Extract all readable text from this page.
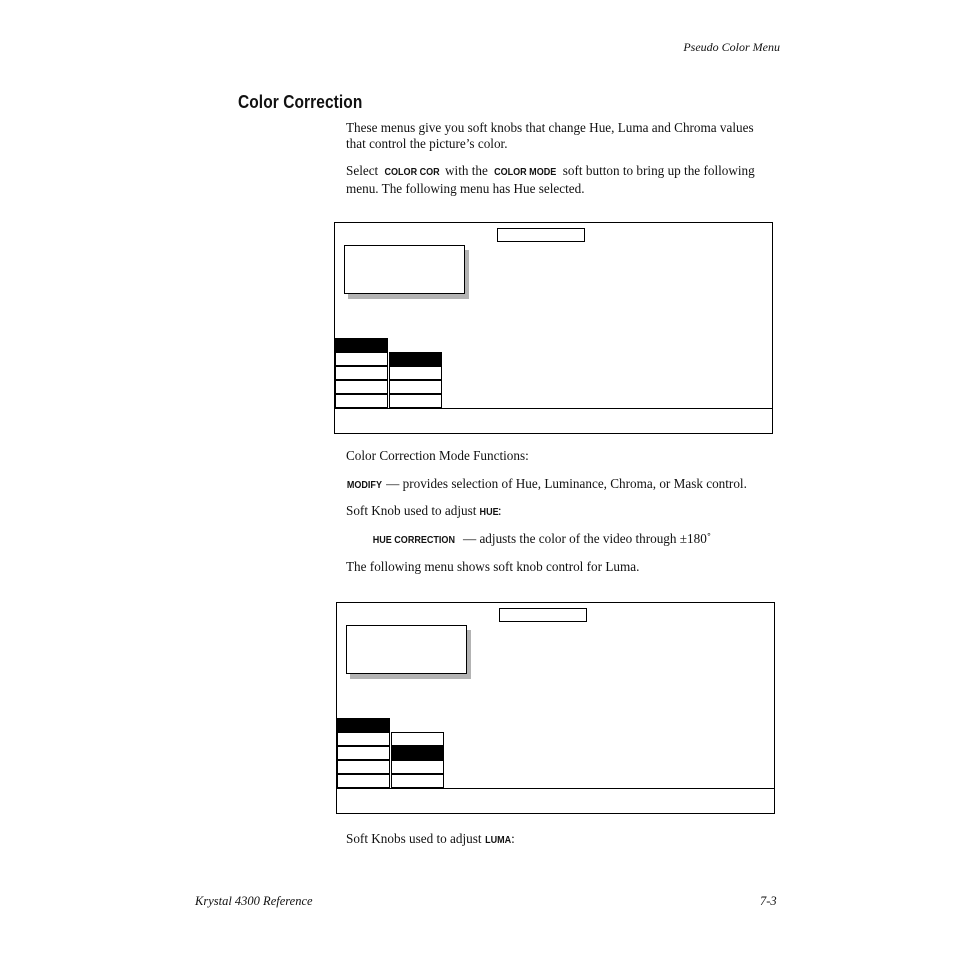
Pseudo Color Menu
Color Correction
These menus give you soft knobs that change Hue, Luma and Chroma values that control the picture’s color.
Select COLOR COR with the COLOR MODE soft button to bring up the following menu. The following menu has Hue selected.
Color Correction Mode Functions:
MODIFY — provides selection of Hue, Luminance, Chroma, or Mask control.
Soft Knob used to adjust HUE:
HUE CORRECTION — adjusts the color of the video through ±180˚
The following menu shows soft knob control for Luma.
Soft Knobs used to adjust LUMA:
Krystal 4300 Reference	7-3
